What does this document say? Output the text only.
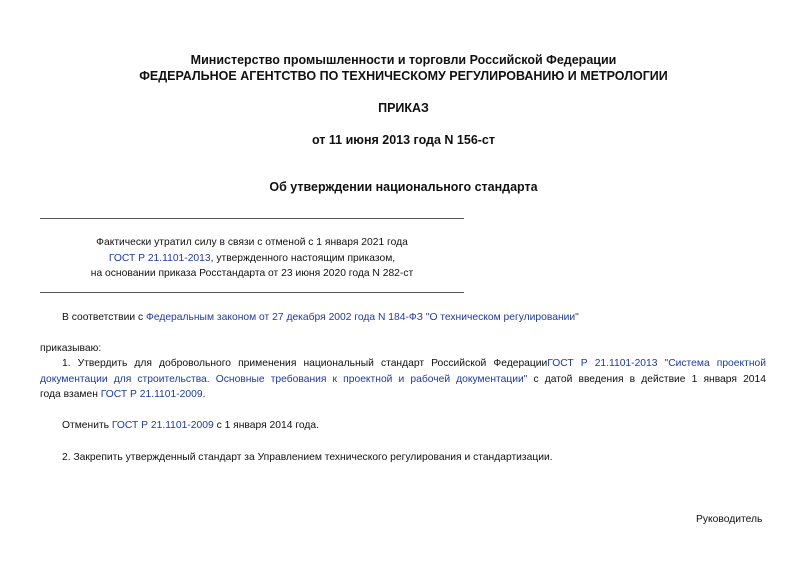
Министерство промышленности и торговли Российской Федерации
ФЕДЕРАЛЬНОЕ АГЕНТСТВО ПО ТЕХНИЧЕСКОМУ РЕГУЛИРОВАНИЮ И МЕТРОЛОГИИ
ПРИКАЗ
от 11 июня 2013 года N 156-ст
Об утверждении национального стандарта
Фактически утратил силу в связи с отменой с 1 января 2021 года
ГОСТ Р 21.1101-2013, утвержденного настоящим приказом,
на основании приказа Росстандарта от 23 июня 2020 года N 282-ст
В соответствии с Федеральным законом от 27 декабря 2002 года N 184-ФЗ "О техническом регулировании"
приказываю:
1. Утвердить для добровольного применения национальный стандарт Российской ФедерацииГОСТ Р 21.1101-2013 "Система проектной
документации для строительства. Основные требования к проектной и рабочей документации" с датой введения в действие 1 января 2014
года взамен ГОСТ Р 21.1101-2009.
Отменить ГОСТ Р 21.1101-2009 с 1 января 2014 года.
2. Закрепить утвержденный стандарт за Управлением технического регулирования и стандартизации.
Руководитель
